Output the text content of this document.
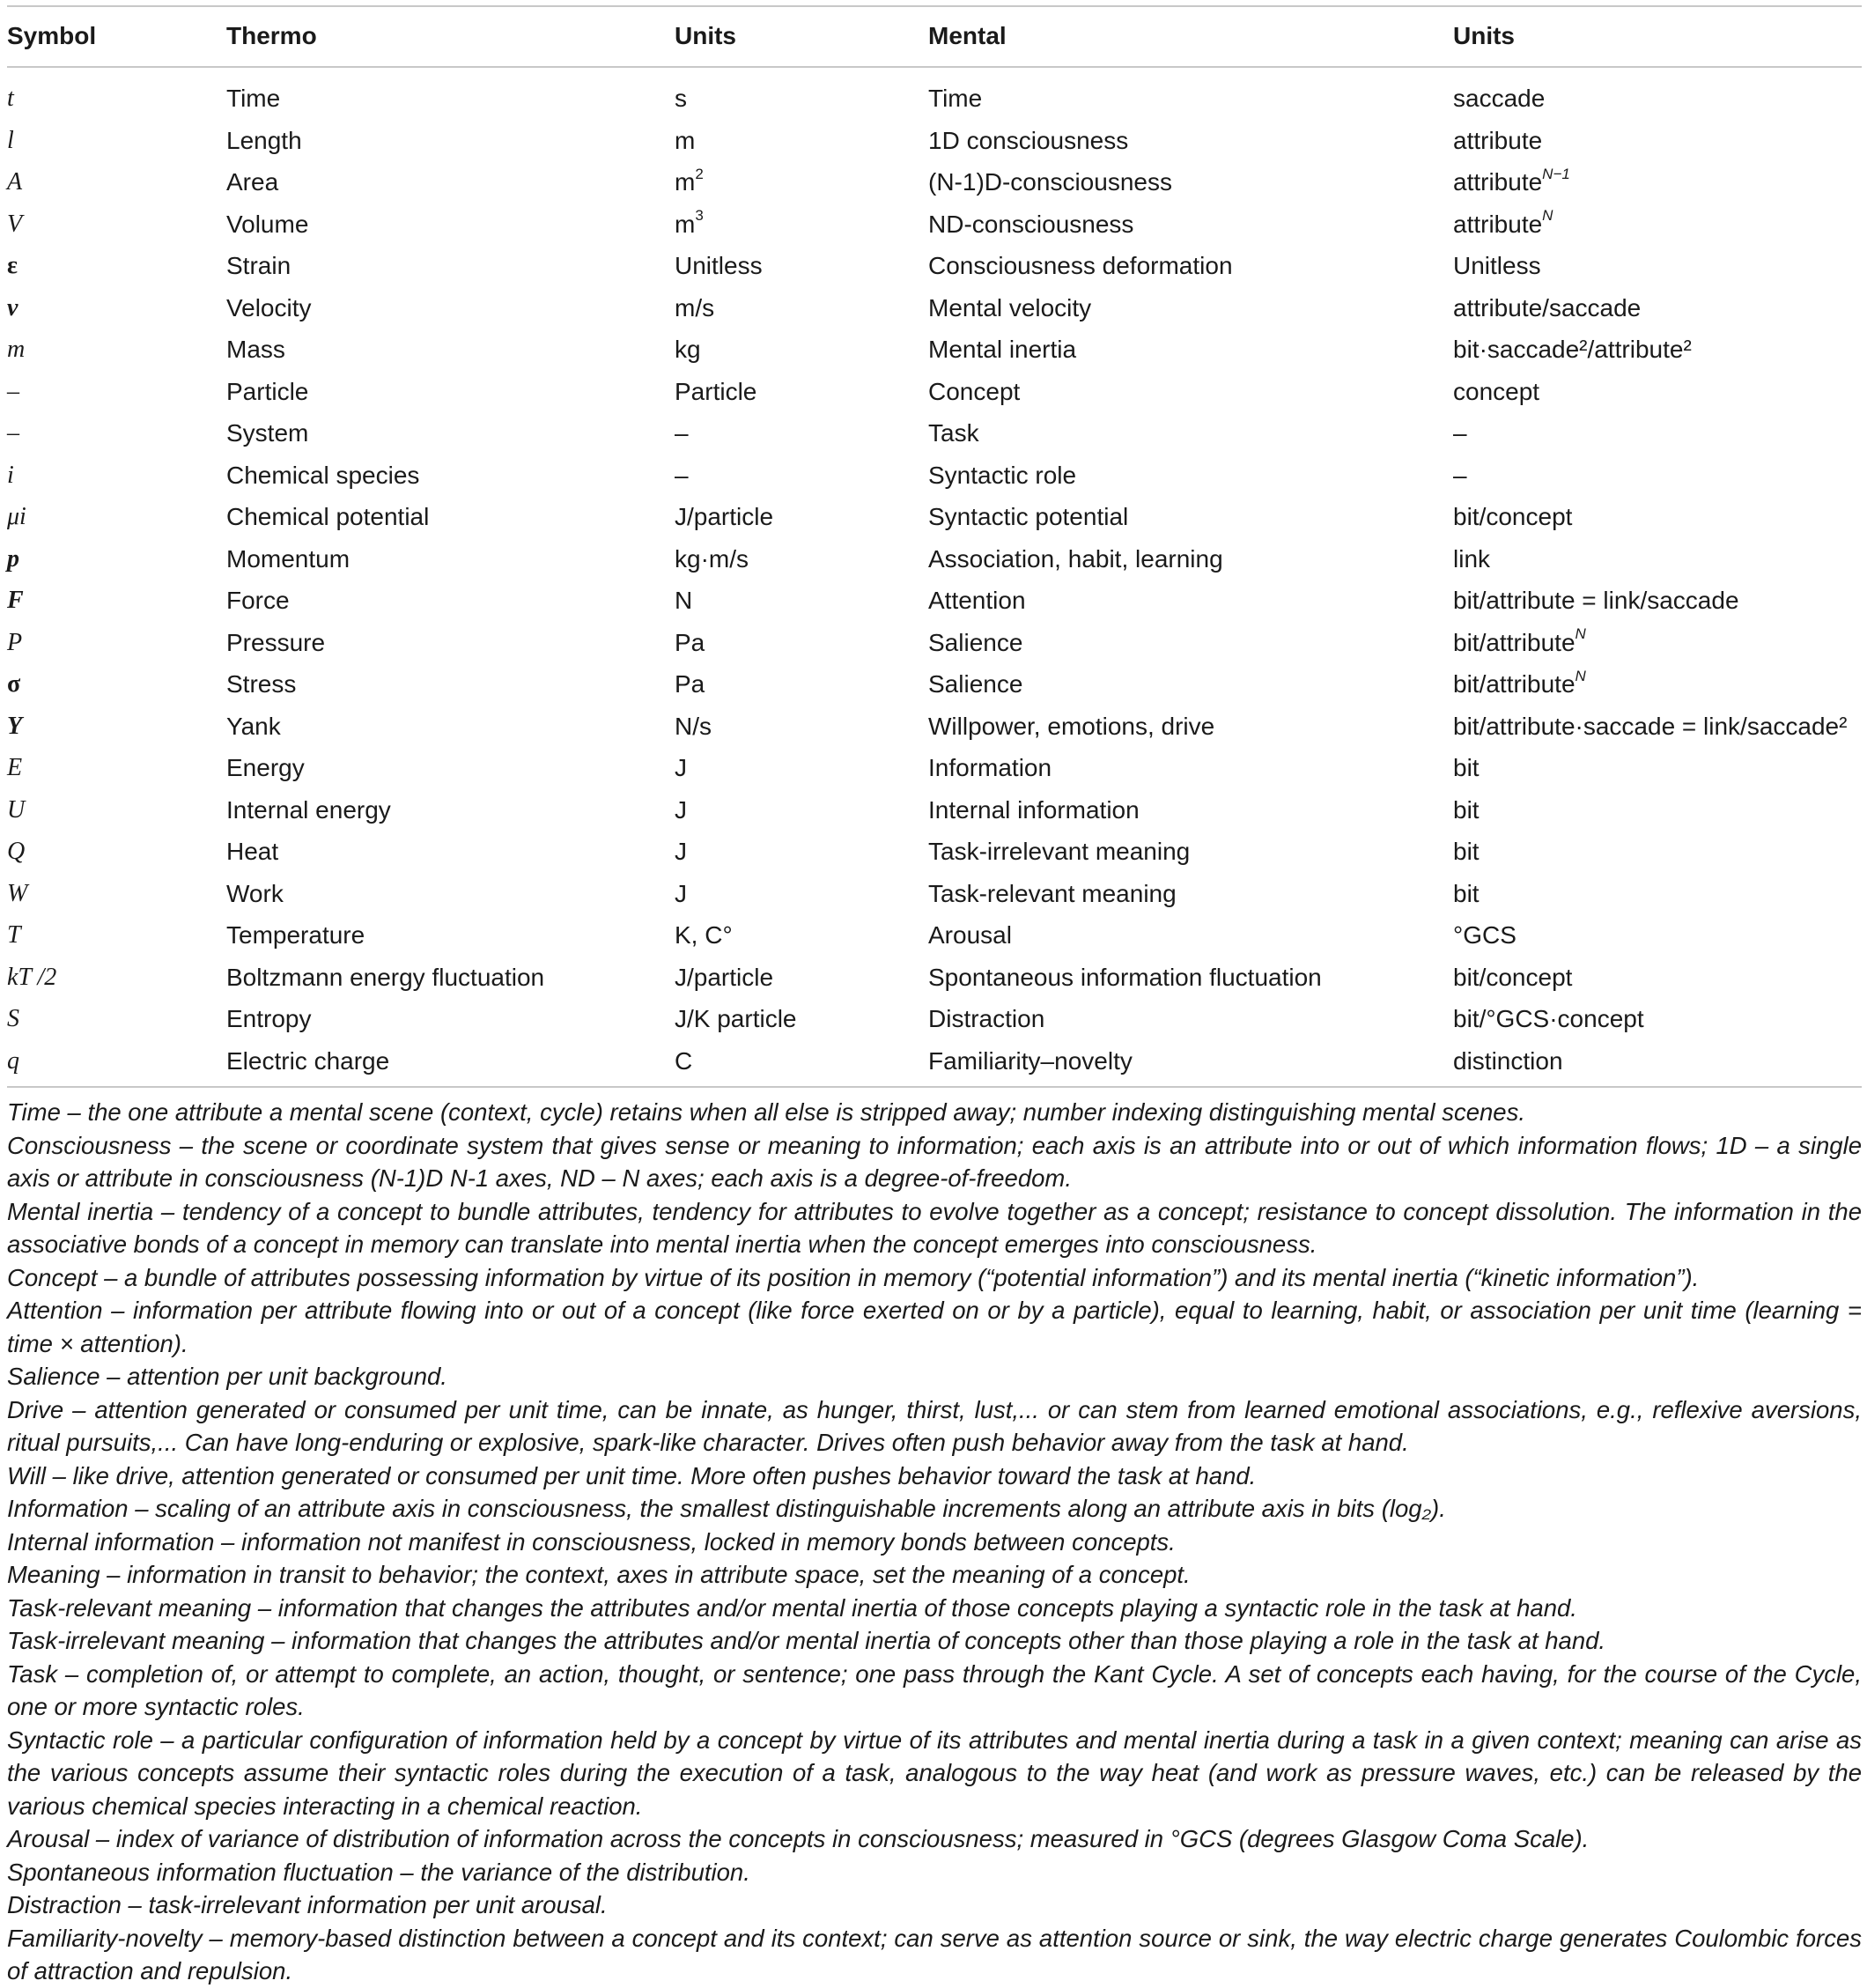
Symbol	Thermo	Units	Mental	Units
t	Time	s	Time	saccade
l	Length	m	1D consciousness	attribute
A	Area	$m^2$	(N-1)D-consciousness	attribute$^{N-1}$
V	Volume	$m^3$	ND-consciousness	attribute$^N$
ε	Strain	Unitless	Consciousness deformation	Unitless
v	Velocity	m/s	Mental velocity	attribute/saccade
m	Mass	kg	Mental inertia	bit·saccade²/attribute²
–	Particle	Particle	Concept	concept
–	System	–	Task	–
i	Chemical species	–	Syntactic role	–
μi	Chemical potential	J/particle	Syntactic potential	bit/concept
p	Momentum	kg·m/s	Association, habit, learning	link
F	Force	N	Attention	bit/attribute = link/saccade
P	Pressure	Pa	Salience	bit/attribute$^N$
σ	Stress	Pa	Salience	bit/attribute$^N$
Y	Yank	N/s	Willpower, emotions, drive	bit/attribute·saccade = link/saccade²
E	Energy	J	Information	bit
U	Internal energy	J	Internal information	bit
Q	Heat	J	Task-irrelevant meaning	bit
W	Work	J	Task-relevant meaning	bit
T	Temperature	K, C°	Arousal	°GCS
kT /2	Boltzmann energy fluctuation	J/particle	Spontaneous information fluctuation	bit/concept
S	Entropy	J/K particle	Distraction	bit/°GCS·concept
q	Electric charge	C	Familiarity–novelty	distinction

Time – the one attribute a mental scene (context, cycle) retains when all else is stripped away; number indexing distinguishing mental scenes.

Consciousness – the scene or coordinate system that gives sense or meaning to information; each axis is an attribute into or out of which information flows; 1D – a single axis or attribute in consciousness (N-1)D N-1 axes, ND – N axes; each axis is a degree-of-freedom.

Mental inertia – tendency of a concept to bundle attributes, tendency for attributes to evolve together as a concept; resistance to concept dissolution. The information in the associative bonds of a concept in memory can translate into mental inertia when the concept emerges into consciousness.

Concept – a bundle of attributes possessing information by virtue of its position in memory (“potential information”) and its mental inertia (“kinetic information”).

Attention – information per attribute flowing into or out of a concept (like force exerted on or by a particle), equal to learning, habit, or association per unit time (learning = time × attention).

Salience – attention per unit background.

Drive – attention generated or consumed per unit time, can be innate, as hunger, thirst, lust,... or can stem from learned emotional associations, e.g., reflexive aversions, ritual pursuits,... Can have long-enduring or explosive, spark-like character. Drives often push behavior away from the task at hand.

Will – like drive, attention generated or consumed per unit time. More often pushes behavior toward the task at hand.

Information – scaling of an attribute axis in consciousness, the smallest distinguishable increments along an attribute axis in bits (log₂).

Internal information – information not manifest in consciousness, locked in memory bonds between concepts.

Meaning – information in transit to behavior; the context, axes in attribute space, set the meaning of a concept.

Task-relevant meaning – information that changes the attributes and/or mental inertia of those concepts playing a syntactic role in the task at hand.

Task-irrelevant meaning – information that changes the attributes and/or mental inertia of concepts other than those playing a role in the task at hand.

Task – completion of, or attempt to complete, an action, thought, or sentence; one pass through the Kant Cycle. A set of concepts each having, for the course of the Cycle, one or more syntactic roles.

Syntactic role – a particular configuration of information held by a concept by virtue of its attributes and mental inertia during a task in a given context; meaning can arise as the various concepts assume their syntactic roles during the execution of a task, analogous to the way heat (and work as pressure waves, etc.) can be released by the various chemical species interacting in a chemical reaction.

Arousal – index of variance of distribution of information across the concepts in consciousness; measured in °GCS (degrees Glasgow Coma Scale).

Spontaneous information fluctuation – the variance of the distribution.

Distraction – task-irrelevant information per unit arousal.

Familiarity-novelty – memory-based distinction between a concept and its context; can serve as attention source or sink, the way electric charge generates Coulombic forces of attraction and repulsion.
